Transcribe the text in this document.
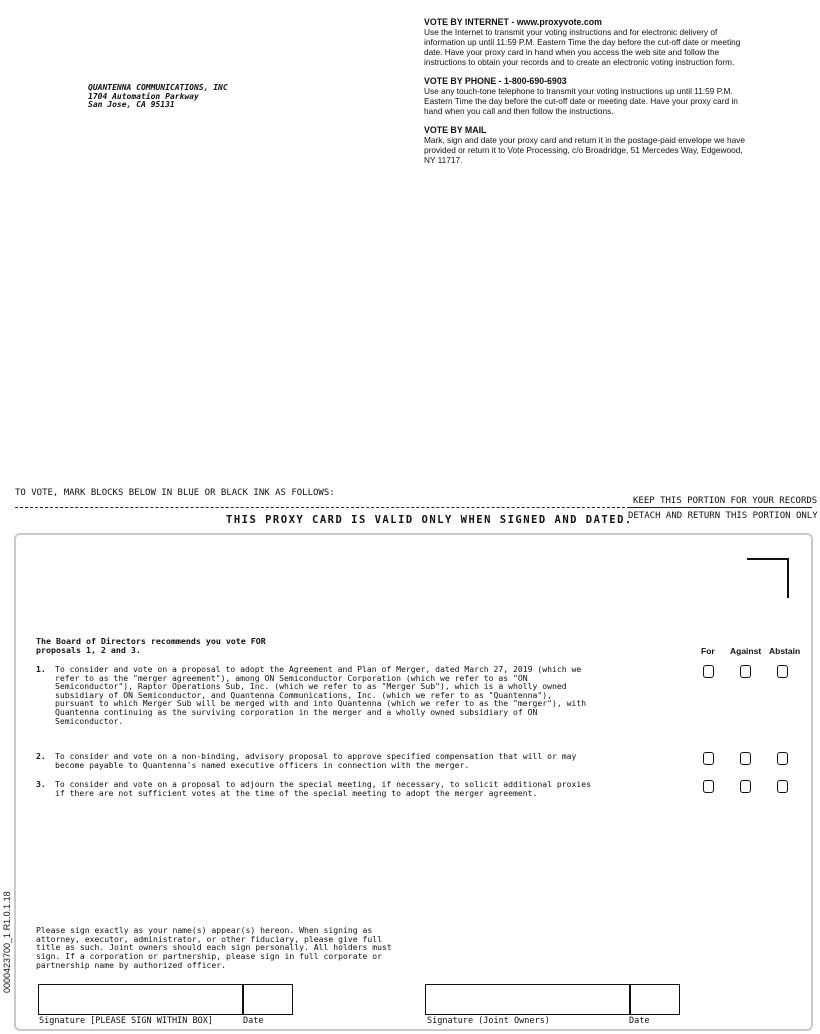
QUANTENNA COMMUNICATIONS, INC
1704 Automation Parkway
San Jose, CA 95131
VOTE BY INTERNET - www.proxyvote.com

Use the Internet to transmit your voting instructions and for electronic delivery of information up until 11:59 P.M. Eastern Time the day before the cut-off date or meeting date. Have your proxy card in hand when you access the web site and follow the instructions to obtain your records and to create an electronic voting instruction form.

VOTE BY PHONE - 1-800-690-6903

Use any touch-tone telephone to transmit your voting instructions up until 11:59 P.M. Eastern Time the day before the cut-off date or meeting date. Have your proxy card in hand when you call and then follow the instructions.

VOTE BY MAIL

Mark, sign and date your proxy card and return it in the postage-paid envelope we have provided or return it to Vote Processing, c/o Broadridge, 51 Mercedes Way, Edgewood, NY 11717.

TO VOTE, MARK BLOCKS BELOW IN BLUE OR BLACK INK AS FOLLOWS:
KEEP THIS PORTION FOR YOUR RECORDS
DETACH AND RETURN THIS PORTION ONLY
THIS PROXY CARD IS VALID ONLY WHEN SIGNED AND DATED.
0000423700_1 R1.0.1.18
The Board of Directors recommends you vote FOR
proposals 1, 2 and 3.	For Against Abstain
1. To consider and vote on a proposal to adopt the Agreement and Plan of Merger, dated March 27, 2019 (which we
refer to as the "merger agreement"), among ON Semiconductor Corporation (which we refer to as "ON
Semiconductor"), Raptor Operations Sub, Inc. (which we refer to as "Merger Sub"), which is a wholly owned
subsidiary of ON Semiconductor, and Quantenna Communications, Inc. (which we refer to as "Quantenna"),
pursuant to which Merger Sub will be merged with and into Quantenna (which we refer to as the "merger"), with
Quantenna continuing as the surviving corporation in the merger and a wholly owned subsidiary of ON
Semiconductor.
2. To consider and vote on a non-binding, advisory proposal to approve specified compensation that will or may
become payable to Quantenna's named executive officers in connection with the merger.
3. To consider and vote on a proposal to adjourn the special meeting, if necessary, to solicit additional proxies
if there are not sufficient votes at the time of the special meeting to adopt the merger agreement.
Please sign exactly as your name(s) appear(s) hereon. When signing as
attorney, executor, administrator, or other fiduciary, please give full
title as such. Joint owners should each sign personally. All holders must
sign. If a corporation or partnership, please sign in full corporate or
partnership name by authorized officer.
Signature [PLEASE SIGN WITHIN BOX]	Date	Signature (Joint Owners)	Date
